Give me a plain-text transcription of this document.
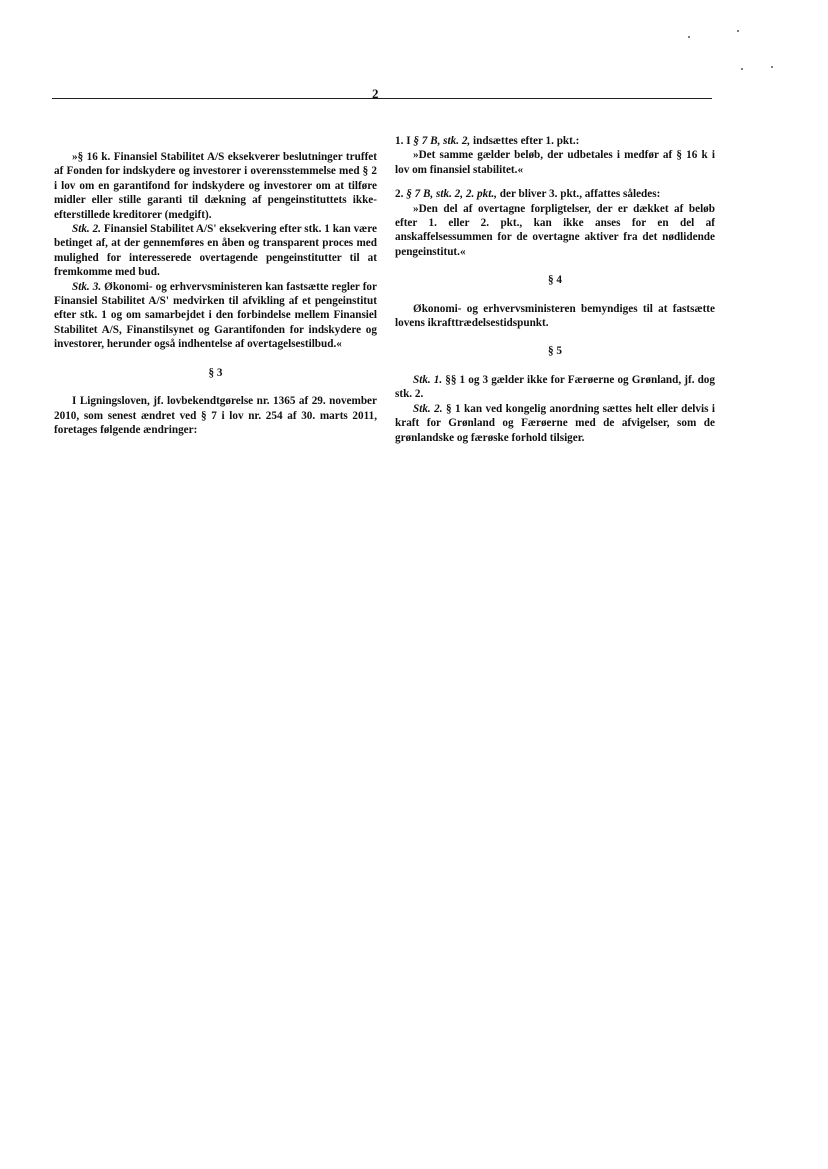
2

»§ 16 k. Finansiel Stabilitet A/S eksekverer beslutninger truffet af Fonden for indskydere og investorer i overensstemmelse med § 2 i lov om en garantifond for indskydere og investorer om at tilføre midler eller stille garanti til dækning af pengeinstituttets ikke-efterstillede kreditorer (medgift).

Stk. 2. Finansiel Stabilitet A/S' eksekvering efter stk. 1 kan være betinget af, at der gennemføres en åben og transparent proces med mulighed for interesserede overtagende pengeinstitutter til at fremkomme med bud.

Stk. 3. Økonomi- og erhvervsministeren kan fastsætte regler for Finansiel Stabilitet A/S' medvirken til afvikling af et pengeinstitut efter stk. 1 og om samarbejdet i den forbindelse mellem Finansiel Stabilitet A/S, Finanstilsynet og Garantifonden for indskydere og investorer, herunder også indhentelse af overtagelsestilbud.«

§ 3

I Ligningsloven, jf. lovbekendtgørelse nr. 1365 af 29. november 2010, som senest ændret ved § 7 i lov nr. 254 af 30. marts 2011, foretages følgende ændringer:

1. I § 7 B, stk. 2, indsættes efter 1. pkt.:

»Det samme gælder beløb, der udbetales i medfør af § 16 k i lov om finansiel stabilitet.«

2. § 7 B, stk. 2, 2. pkt., der bliver 3. pkt., affattes således:

»Den del af overtagne forpligtelser, der er dækket af beløb efter 1. eller 2. pkt., kan ikke anses for en del af anskaffelsessummen for de overtagne aktiver fra det nødlidende pengeinstitut.«

§ 4

Økonomi- og erhvervsministeren bemyndiges til at fastsætte lovens ikrafttrædelsestidspunkt.

§ 5

Stk. 1. §§ 1 og 3 gælder ikke for Færøerne og Grønland, jf. dog stk. 2.

Stk. 2. § 1 kan ved kongelig anordning sættes helt eller delvis i kraft for Grønland og Færøerne med de afvigelser, som de grønlandske og færøske forhold tilsiger.
